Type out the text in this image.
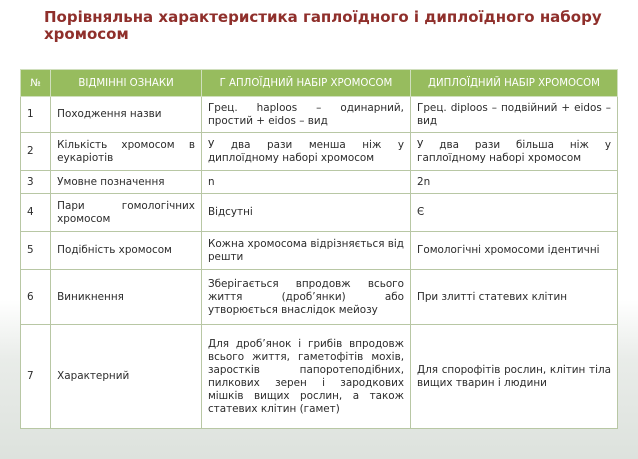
Порівняльна характеристика гаплоїдного і диплоїдного набору хромосом
№	ВІДМІННІ ОЗНАКИ	Г АПЛОЇДНИЙ НАБІР ХРОМОСОМ	ДИПЛОЇДНИЙ НАБІР ХРОМОСОМ
1	Походження назви	Грец. haploos – одинарний, простий + eidos – вид	Грец. diploos – подвійний + eidos – вид
2	Кількість хромосом в еукаріотів	У два рази менша ніж у диплоїдному наборі хромосом	У два рази більша ніж у гаплоїдному наборі хромосом
3	Умовне позначення	n	2n
4	Пари гомологічних хромосом	Відсутні	Є
5	Подібність хромосом	Кожна хромосома відрізняється від решти	Гомологічні хромосоми ідентичні
6	Виникнення	Зберігається впродовж всього життя (дроб’янки) або утворюється внаслідок мейозу	При злитті статевих клітин
7	Характерний	Для дроб’янок і грибів впродовж всього життя, гаметофітів мохів, заростків папоротеподібних, пилкових зерен і зародкових мішків вищих рослин, а також статевих клітин (гамет)	Для спорофітів рослин, клітин тіла вищих тварин і людини
